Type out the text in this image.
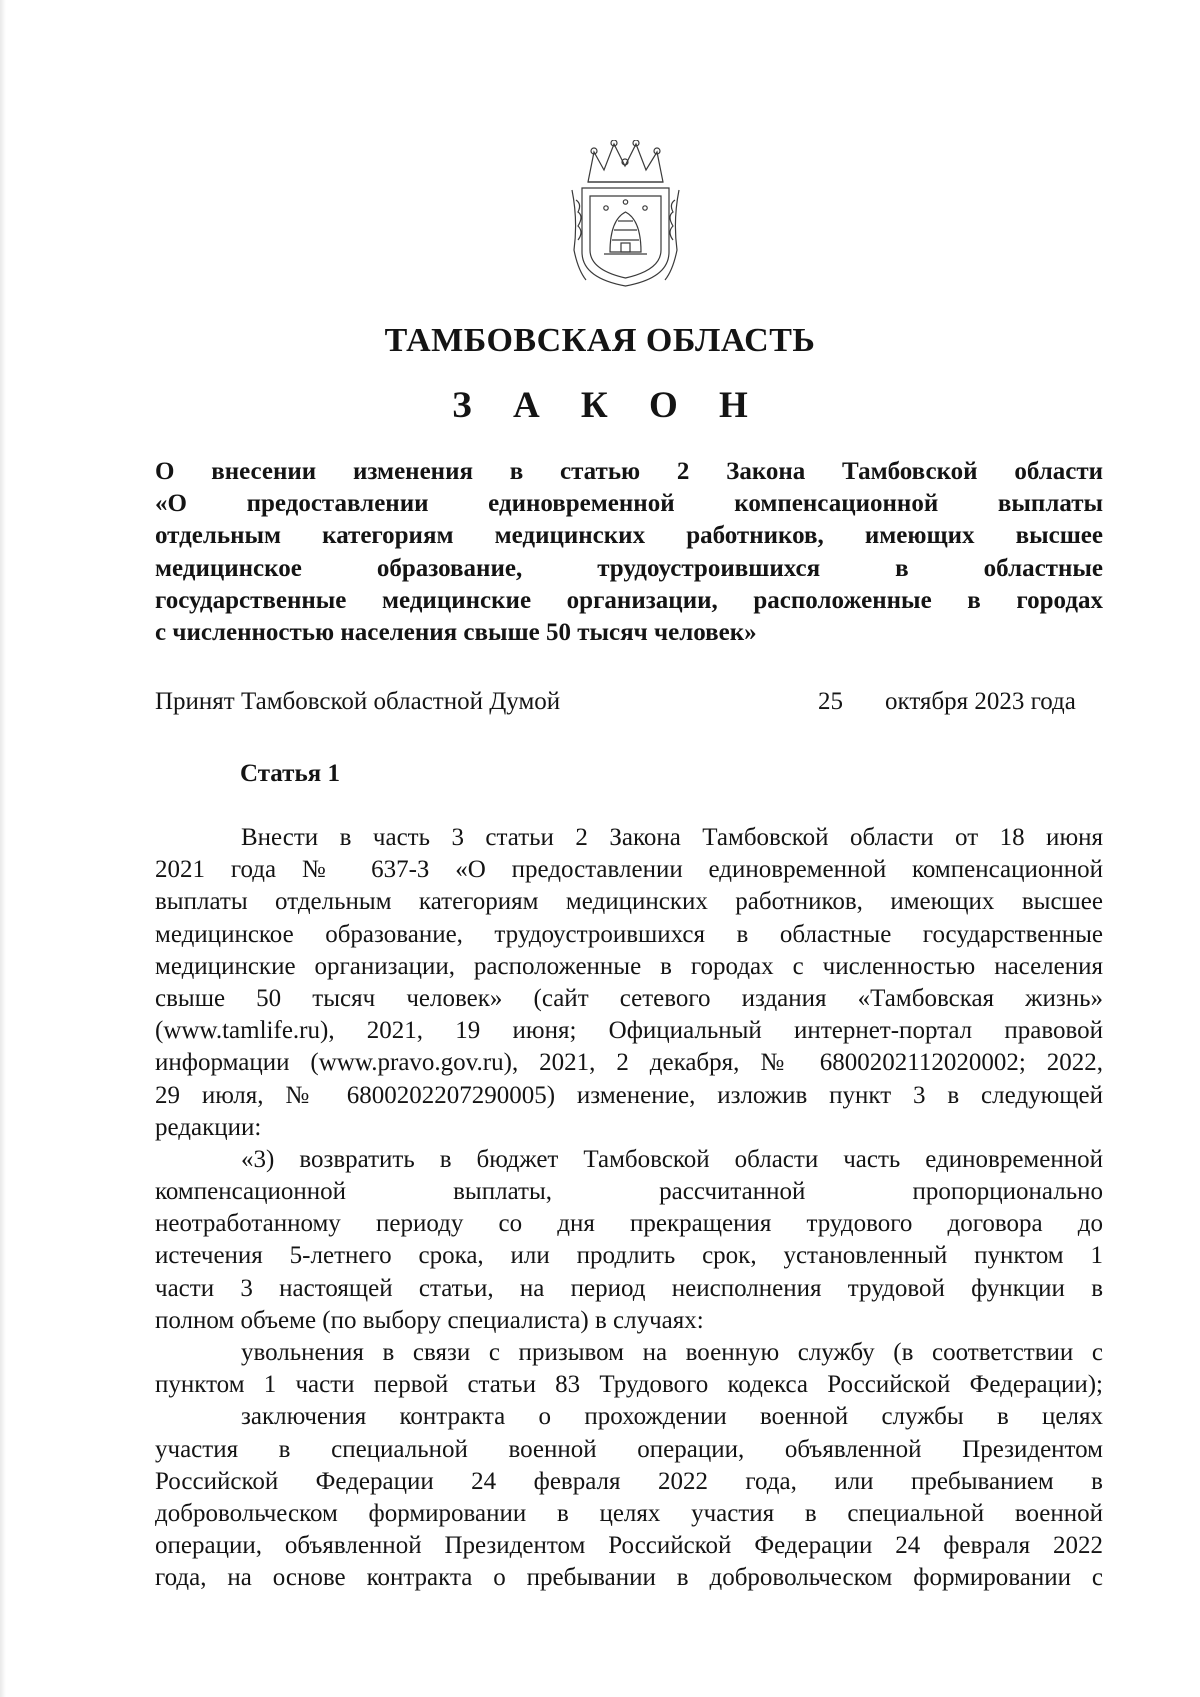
ТАМБОВСКАЯ ОБЛАСТЬ
З А К О Н
О внесении изменения в статью 2 Закона Тамбовской области
«О предоставлении единовременной компенсационной выплаты
отдельным категориям медицинских работников, имеющих высшее
медицинское образование, трудоустроившихся в областные
государственные медицинские организации, расположенные в городах
с численностью населения свыше 50 тысяч человек»
Принят Тамбовской областной Думой	25 октября 2023 года
Статья 1
Внести в часть 3 статьи 2 Закона Тамбовской области от 18 июня
2021 года № 637-З «О предоставлении единовременной компенсационной
выплаты отдельным категориям медицинских работников, имеющих высшее
медицинское образование, трудоустроившихся в областные государственные
медицинские организации, расположенные в городах с численностью населения
свыше 50 тысяч человек» (сайт сетевого издания «Тамбовская жизнь»
(www.tamlife.ru), 2021, 19 июня; Официальный интернет-портал правовой
информации (www.pravo.gov.ru), 2021, 2 декабря, № 6800202112020002; 2022,
29 июля, № 6800202207290005) изменение, изложив пункт 3 в следующей
редакции:
«3) возвратить в бюджет Тамбовской области часть единовременной
компенсационной выплаты, рассчитанной пропорционально
неотработанному периоду со дня прекращения трудового договора до
истечения 5-летнего срока, или продлить срок, установленный пунктом 1
части 3 настоящей статьи, на период неисполнения трудовой функции в
полном объеме (по выбору специалиста) в случаях:
увольнения в связи с призывом на военную службу (в соответствии с
пунктом 1 части первой статьи 83 Трудового кодекса Российской Федерации);
заключения контракта о прохождении военной службы в целях
участия в специальной военной операции, объявленной Президентом
Российской Федерации 24 февраля 2022 года, или пребыванием в
добровольческом формировании в целях участия в специальной военной
операции, объявленной Президентом Российской Федерации 24 февраля 2022
года, на основе контракта о пребывании в добровольческом формировании с
